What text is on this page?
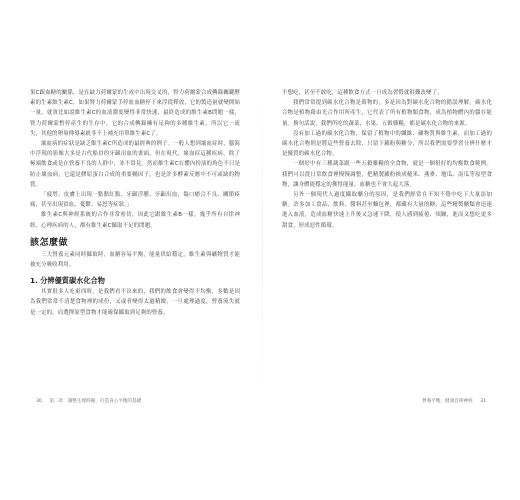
果C跟血糖的關係，是在缺力荷爾蒙的生成中出現交叉的，腎力荷爾蒙合成轉錄關鍵酵素的生素維生素C，如果腎力荷爾蒙手停血血糖停下來浮從釋放，它的製造量就變開始一量，就會比如說維生素C的血液濃度變得非常快速，最終造成的維生素B問題一樣，腎力荷爾蒙暫停產生的生存中，它的合成轉錄擁有足夠的多種維生素，所以它一流失，其他的卵巢傳導素就非不上補充用單維生素C了。

壞血病的症狀是缺乏維生素C所造成的最經典的例子。一般人想到壞血症時，腦海中浮現的影像大多是古代船員的牙齦出血的畫面，但在現代，壞血症這種疾病，除了極端飲食或是在營養不良的人群中，並不常見。然而維生素C在體內扮演的角色不只是防止壞血病，它還是膠原蛋白合成的重要輔因子，也是許多酵素反應中不可或缺的物質。

「疲勞、皮膚上出現一點點紅點、牙齦浮腫、牙齦出血，傷口癒合不良、關節疼痛，甚至出現貧血、憂鬱、易怒等症狀。」

維生素C與神經系統的合作非常密切，因此它跟維生素B一樣，幾乎所有自律神經、心理疾病的人，都有維生素C攝取不足的問題。

該怎麼做

三大營養元素同時攝取時，血糖容易平衡，能量供給穩定，維生素與礦物質才能被充分吸收利用。

1. 分辨優質碳水化合物

其實很多人吃東西時，是我們看不出來的，我們的飲食會變得不均衡，多數是因為我們常常不清楚食物裡的成份，又或者變得太過精緻，一旦處理過度，營養流失就是一定的，而選擇原型食物才能確保攝取到足夠的營養。

30 第二章　調整生理時鐘，打造身心平衡的基礎

不想吃，甚至不敢吃，這種飲食方式一旦成為習慣就很難改變了。

我們常常提到碳水化合物是萬物的，多是因為對碳水化合物的錯誤理解。碳水化合物是植物藉由光合作用所產生，它代表了所有植物類食物，成為植物體內的儲存能量。換句話說，我們所吃的蔬菜、水果、五穀雜糧，都是碳水化合物的來源。

沒有加工過的碳水化合物，保留了植物中的纖維、礦物質與維生素，而加工過的碳水化合物則是將這些營養去除，只留下澱粉與糖分，所以我們需要學習分辨什麼才是優質的碳水化合物。

一個好中有三種蔬菜跟一些五穀雜糧的全食物，就是一個很好的均衡飲食範例。我們可以從日常飲食裡慢慢調整，把精製澱粉換成糙米、燕麥、地瓜、南瓜等原型食物，讓身體能穩定的獲得能量，血糖也不會大起大落。

另外一個現代人過度攝取醣分的原因，是我們經常在不知不覺中吃下大量添加糖。許多加工食品、飲料、醬料甚至麵包裡，都藏有大量的糖，這些精製醣類會迅速進入血液，造成血糖快速上升後又急速下降，使人感到疲倦、煩躁，進而又想吃更多甜食，形成惡性循環。

營養平衡，健康自律神經 31
